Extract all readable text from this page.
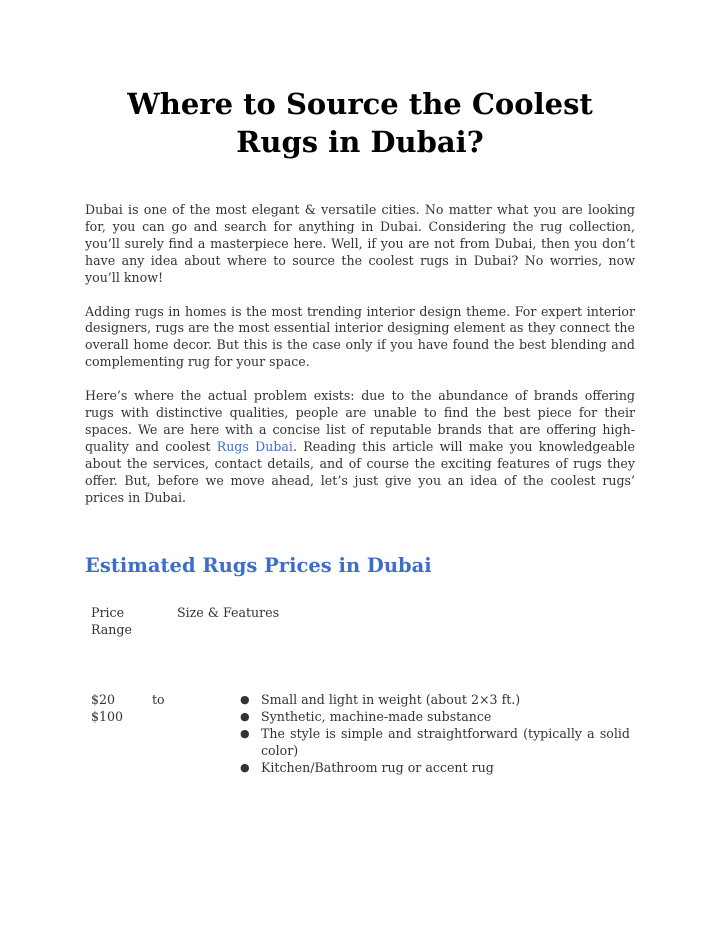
Where to Source the Coolest Rugs in Dubai?

Dubai is one of the most elegant & versatile cities. No matter what you are looking for, you can go and search for anything in Dubai. Considering the rug collection, you’ll surely find a masterpiece here. Well, if you are not from Dubai, then you don’t have any idea about where to source the coolest rugs in Dubai? No worries, now you’ll know!

Adding rugs in homes is the most trending interior design theme. For expert interior designers, rugs are the most essential interior designing element as they connect the overall home decor. But this is the case only if you have found the best blending and complementing rug for your space.

Here’s where the actual problem exists: due to the abundance of brands offering rugs with distinctive qualities, people are unable to find the best piece for their spaces. We are here with a concise list of reputable brands that are offering high-quality and coolest Rugs Dubai. Reading this article will make you knowledgeable about the services, contact details, and of course the exciting features of rugs they offer. But, before we move ahead, let’s just give you an idea of the coolest rugs’ prices in Dubai.

Estimated Rugs Prices in Dubai
Price Range
Size & Features
$20	to
$100
● Small and light in weight (about 2×3 ft.)
● Synthetic, machine-made substance
● The style is simple and straightforward (typically a solid color)
● Kitchen/Bathroom rug or accent rug
